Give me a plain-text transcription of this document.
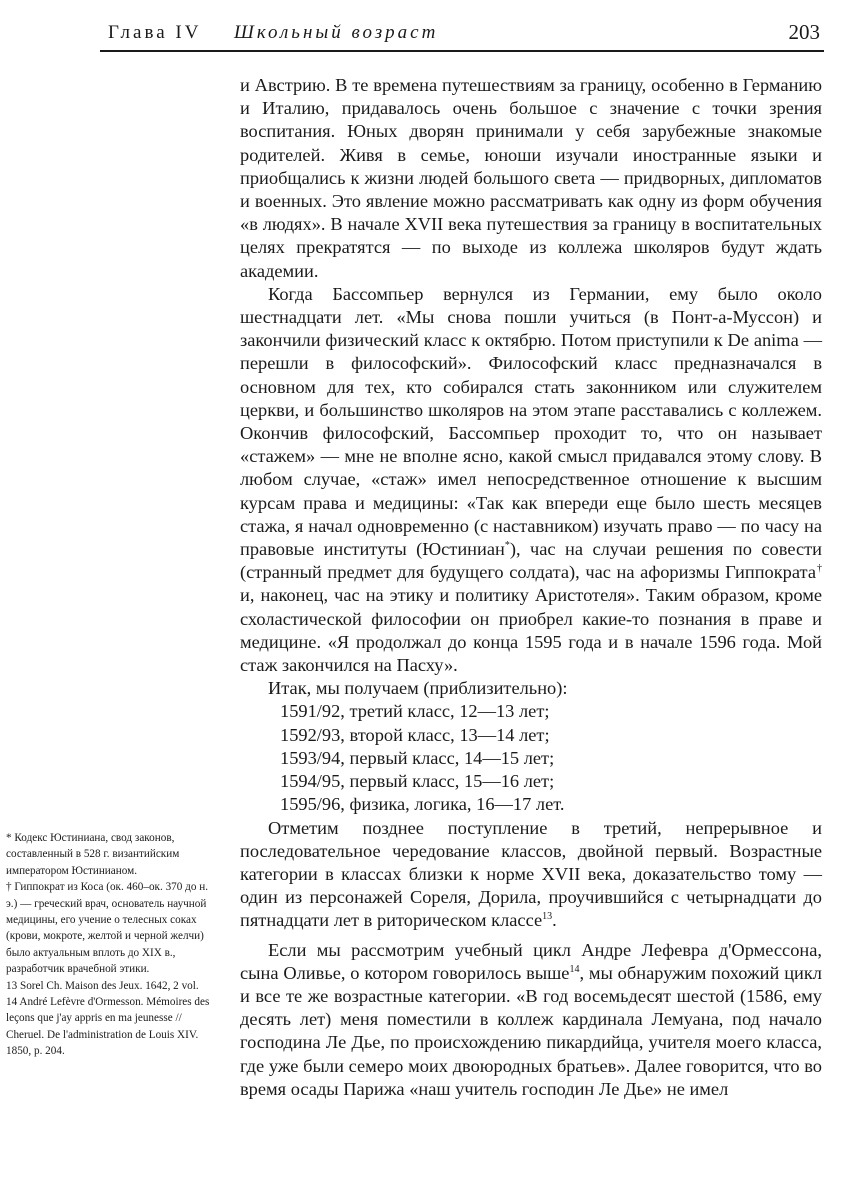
Глава IV Школьный возраст	203

и Австрию. В те времена путешествиям за границу, особенно в Германию и Италию, придавалось очень большое с значение с точки зрения воспитания. Юных дворян принимали у себя зарубежные знакомые родителей. Живя в семье, юноши изучали иностранные языки и приобщались к жизни людей большого света — придворных, дипломатов и военных. Это явление можно рассматривать как одну из форм обучения «в людях». В начале XVII века путешествия за границу в воспитательных целях прекратятся — по выходе из коллежа школяров будут ждать академии.

Когда Бассомпьер вернулся из Германии, ему было около шестнадцати лет. «Мы снова пошли учиться (в Понт-а-Муссон) и закончили физический класс к октябрю. Потом приступили к De anima — перешли в философский». Философский класс предназначался в основном для тех, кто собирался стать законником или служителем церкви, и большинство школяров на этом этапе расставались с коллежем. Окончив философский, Бассомпьер проходит то, что он называет «стажем» — мне не вполне ясно, какой смысл придавался этому слову. В любом случае, «стаж» имел непосредственное отношение к высшим курсам права и медицины: «Так как впереди еще было шесть месяцев стажа, я начал одновременно (с наставником) изучать право — по часу на правовые институты (Юстиниан*), час на случаи решения по совести (странный предмет для будущего солдата), час на афоризмы Гиппократа† и, наконец, час на этику и политику Аристотеля». Таким образом, кроме схоластической философии он приобрел какие-то познания в праве и медицине. «Я продолжал до конца 1595 года и в начале 1596 года. Мой стаж закончился на Пасху».

Итак, мы получаем (приблизительно):

1591/92, третий класс, 12—13 лет;

1592/93, второй класс, 13—14 лет;

1593/94, первый класс, 14—15 лет;

1594/95, первый класс, 15—16 лет;

1595/96, физика, логика, 16—17 лет.

Отметим позднее поступление в третий, непрерывное и последовательное чередование классов, двойной первый. Возрастные категории в классах близки к норме XVII века, доказательство тому — один из персонажей Сореля, Дорила, проучившийся с четырнадцати до пятнадцати лет в риторическом классе$^{13}$.

Если мы рассмотрим учебный цикл Андре Лефевра д'Ормессона, сына Оливье, о котором говорилось выше$^{14}$, мы обнаружим похожий цикл и все те же возрастные категории. «В год восемьдесят шестой (1586, ему десять лет) меня поместили в коллеж кардинала Лемуана, под начало господина Ле Дье, по происхождению пикардийца, учителя моего класса, где уже были семеро моих двоюродных братьев». Далее говорится, что во время осады Парижа «наш учитель господин Ле Дье» не имел

* Кодекс Юстиниана, свод законов, составленный в 528 г. византийским императором Юстинианом.

† Гиппократ из Коса (ок. 460–ок. 370 до н. э.) — греческий врач, основатель научной медицины, его учение о телесных соках (крови, мокроте, желтой и черной желчи) было актуальным вплоть до XIX в., разработчик врачебной этики.

13 Sorel Ch. Maison des Jeux. 1642, 2 vol.

14 André Lefèvre d'Ormesson. Mémoires des leçons que j'ay appris en ma jeunesse // Cheruel. De l'administration de Louis XIV. 1850, p. 204.
